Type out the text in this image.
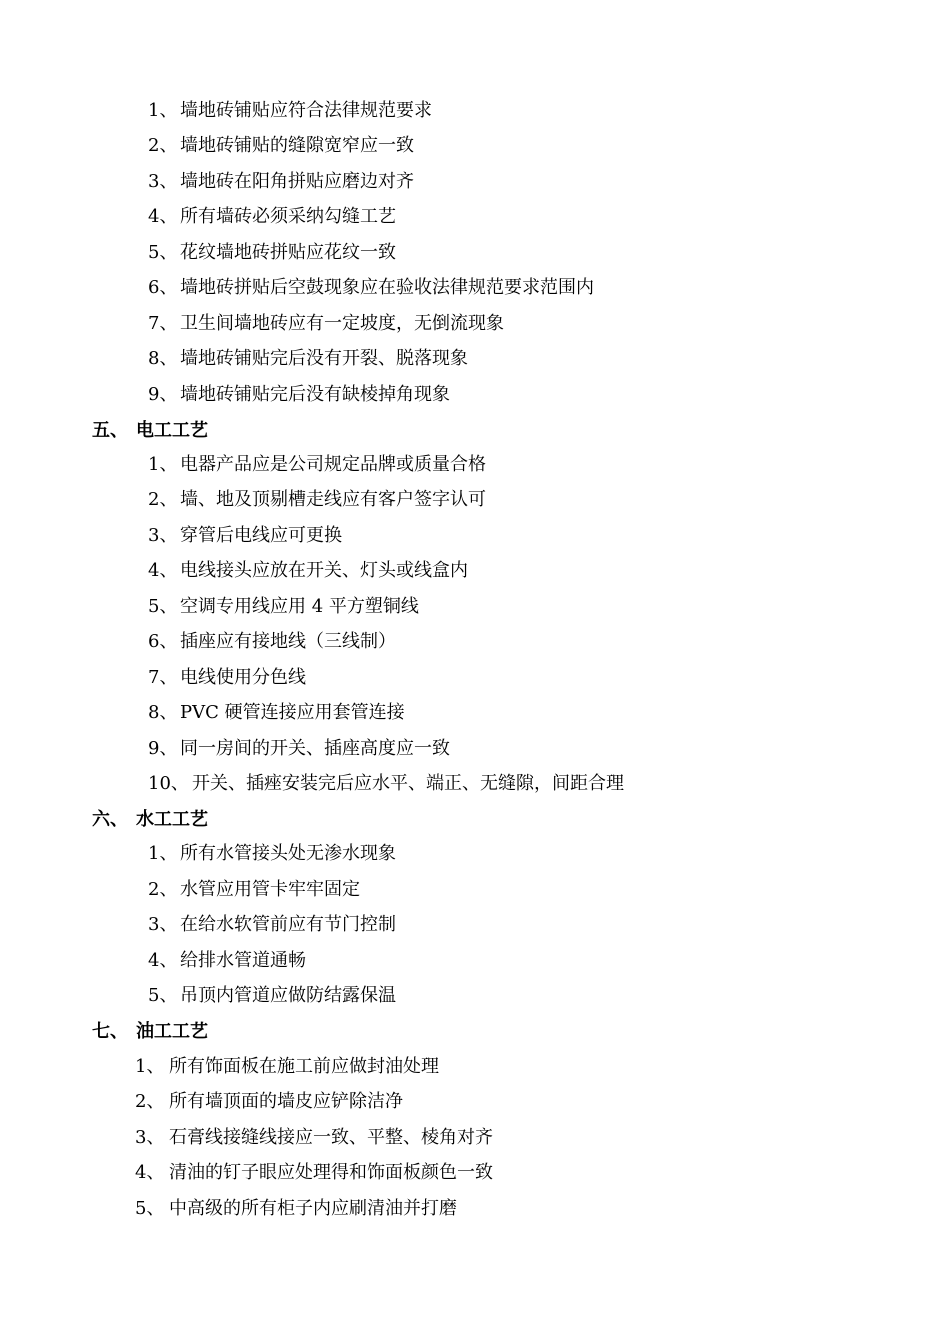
1、 墙地砖铺贴应符合法律规范要求
2、 墙地砖铺贴的缝隙宽窄应一致
3、 墙地砖在阳角拼贴应磨边对齐
4、 所有墙砖必须采纳勾缝工艺
5、 花纹墙地砖拼贴应花纹一致
6、 墙地砖拼贴后空鼓现象应在验收法律规范要求范围内
7、 卫生间墙地砖应有一定坡度，无倒流现象
8、 墙地砖铺贴完后没有开裂、脱落现象
9、 墙地砖铺贴完后没有缺棱掉角现象
五、 电工工艺
1、 电器产品应是公司规定品牌或质量合格
2、 墙、地及顶剔槽走线应有客户签字认可
3、 穿管后电线应可更换
4、 电线接头应放在开关、灯头或线盒内
5、 空调专用线应用 4 平方塑铜线
6、 插座应有接地线（三线制）
7、 电线使用分色线
8、 PVC 硬管连接应用套管连接
9、 同一房间的开关、插座高度应一致
10、 开关、插痤安装完后应水平、端正、无缝隙，间距合理
六、 水工工艺
1、 所有水管接头处无渗水现象
2、 水管应用管卡牢牢固定
3、 在给水软管前应有节门控制
4、 给排水管道通畅
5、 吊顶内管道应做防结露保温
七、 油工工艺
1、 所有饰面板在施工前应做封油处理
2、 所有墙顶面的墙皮应铲除洁净
3、 石膏线接缝线接应一致、平整、棱角对齐
4、 清油的钉子眼应处理得和饰面板颜色一致
5、 中高级的所有柜子内应刷清油并打磨
